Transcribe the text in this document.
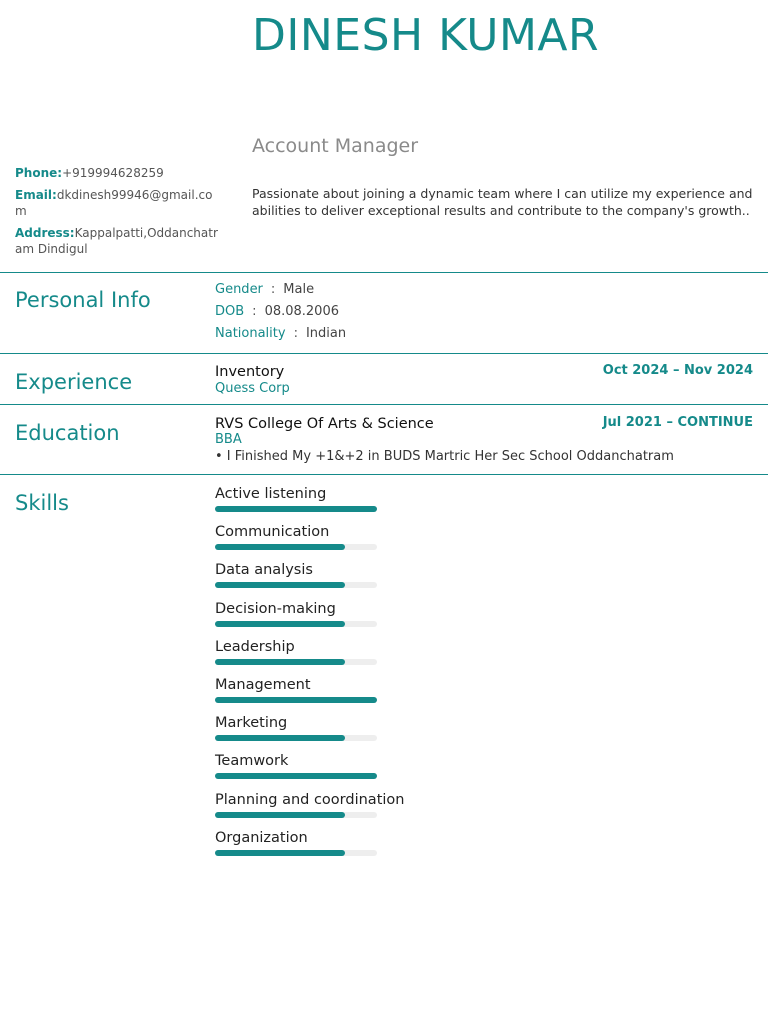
DINESH KUMAR
Account Manager
Passionate about joining a dynamic team where I can utilize my experience and abilities to deliver exceptional results and contribute to the company's growth..
Phone:+919994628259
Email:dkdinesh99946@gmail.com
Address:Kappalpatti,Oddanchatram Dindigul
Personal Info	Gender : Male
DOB : 08.08.2006
Nationality : Indian
Experience	Inventory
Quess Corp
Oct 2024 – Nov 2024
Education	RVS College Of Arts & Science
BBA
Jul 2021 – CONTINUE
• I Finished My +1&+2 in BUDS Martric Her Sec School Oddanchatram
Skills	Active listening
Communication
Data analysis
Decision-making
Leadership
Management
Marketing
Teamwork
Planning and coordination
Organization
